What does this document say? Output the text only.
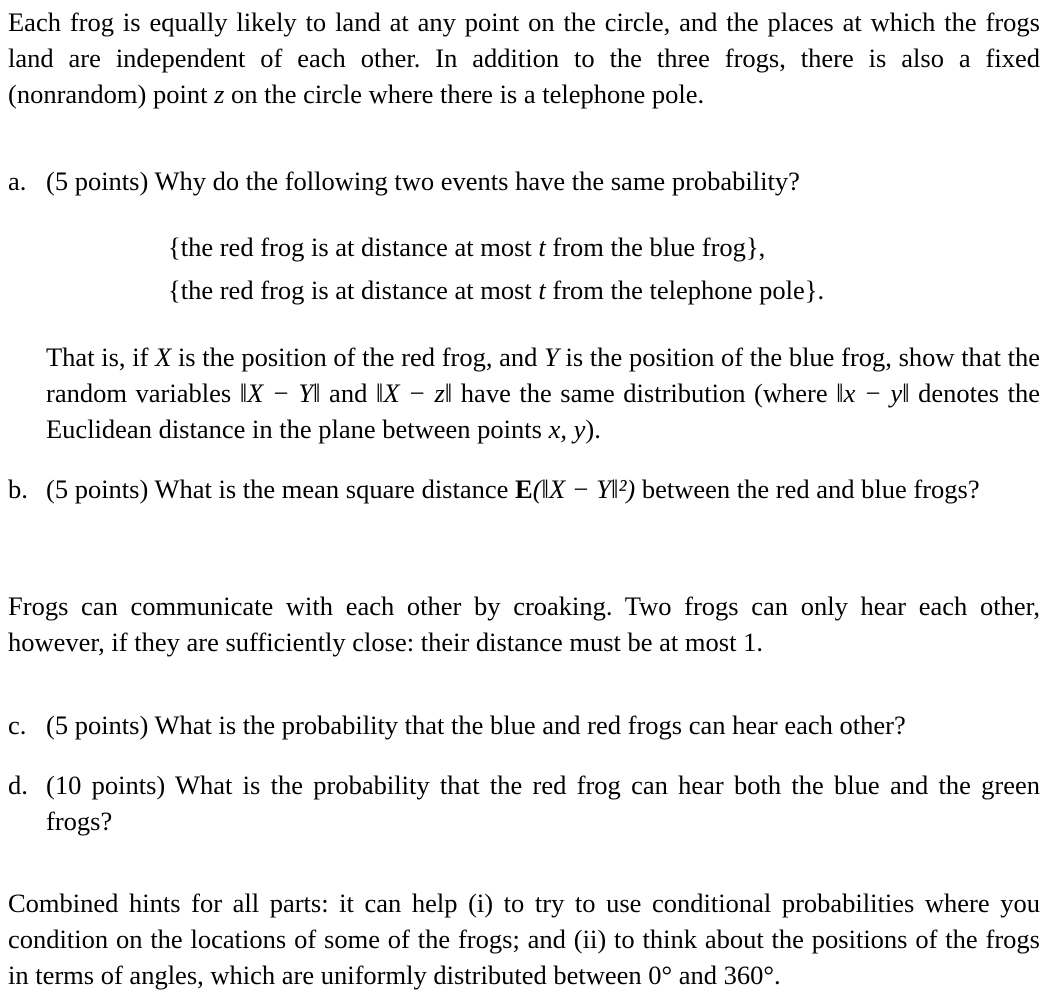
Each frog is equally likely to land at any point on the circle, and the places at which the frogs land are independent of each other. In addition to the three frogs, there is also a fixed (nonrandom) point z on the circle where there is a telephone pole.

a. (5 points) Why do the following two events have the same probability?
{the red frog is at distance at most t from the blue frog},
{the red frog is at distance at most t from the telephone pole}.
That is, if X is the position of the red frog, and Y is the position of the blue frog, show that the random variables ‖X − Y‖ and ‖X − z‖ have the same distribution (where ‖x − y‖ denotes the Euclidean distance in the plane between points x, y).
b. (5 points) What is the mean square distance E(‖X − Y‖²) between the red and blue frogs?

Frogs can communicate with each other by croaking. Two frogs can only hear each other, however, if they are sufficiently close: their distance must be at most 1.

c. (5 points) What is the probability that the blue and red frogs can hear each other?
d. (10 points) What is the probability that the red frog can hear both the blue and the green frogs?

Combined hints for all parts: it can help (i) to try to use conditional probabilities where you condition on the locations of some of the frogs; and (ii) to think about the positions of the frogs in terms of angles, which are uniformly distributed between 0° and 360°.
